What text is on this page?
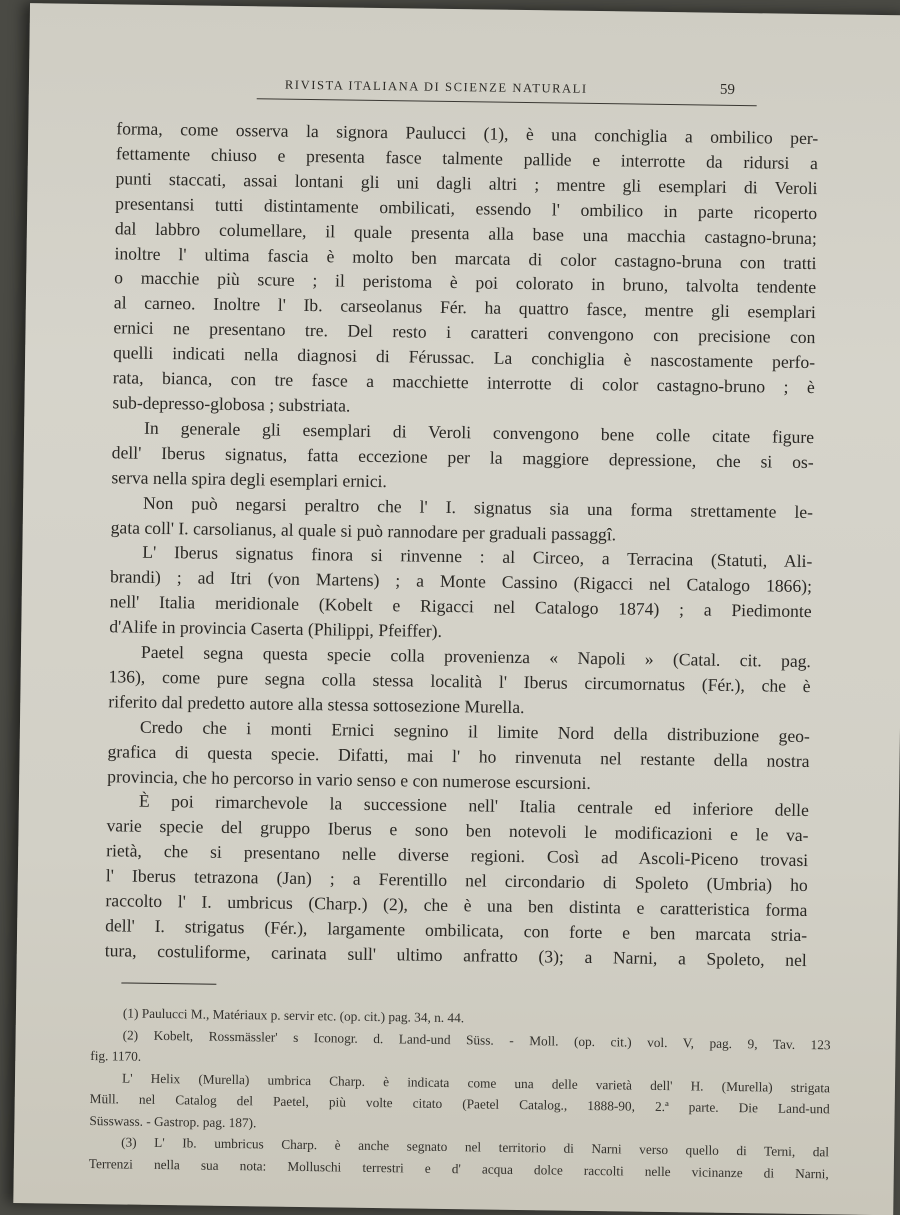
RIVISTA ITALIANA DI SCIENZE NATURALI	59
forma, come osserva la signora Paulucci (1), è una conchiglia a ombilico per-
fettamente chiuso e presenta fasce talmente pallide e interrotte da ridursi a
punti staccati, assai lontani gli uni dagli altri ; mentre gli esemplari di Veroli
presentansi tutti distintamente ombilicati, essendo l' ombilico in parte ricoperto
dal labbro columellare, il quale presenta alla base una macchia castagno-bruna;
inoltre l' ultima fascia è molto ben marcata di color castagno-bruna con tratti
o macchie più scure ; il peristoma è poi colorato in bruno, talvolta tendente
al carneo. Inoltre l' Ib. carseolanus Fér. ha quattro fasce, mentre gli esemplari
ernici ne presentano tre. Del resto i caratteri convengono con precisione con
quelli indicati nella diagnosi di Férussac. La conchiglia è nascostamente perfo-
rata, bianca, con tre fasce a macchiette interrotte di color castagno-bruno ; è
sub-depresso-globosa ; substriata.
In generale gli esemplari di Veroli convengono bene colle citate figure
dell' Iberus signatus, fatta eccezione per la maggiore depressione, che si os-
serva nella spira degli esemplari ernici.
Non può negarsi peraltro che l' I. signatus sia una forma strettamente le-
gata coll' I. carsolianus, al quale si può rannodare per graduali passaggî.
L' Iberus signatus finora si rinvenne : al Circeo, a Terracina (Statuti, Ali-
brandi) ; ad Itri (von Martens) ; a Monte Cassino (Rigacci nel Catalogo 1866);
nell' Italia meridionale (Kobelt e Rigacci nel Catalogo 1874) ; a Piedimonte
d'Alife in provincia Caserta (Philippi, Pfeiffer).
Paetel segna questa specie colla provenienza « Napoli » (Catal. cit. pag.
136), come pure segna colla stessa località l' Iberus circumornatus (Fér.), che è
riferito dal predetto autore alla stessa sottosezione Murella.
Credo che i monti Ernici segnino il limite Nord della distribuzione geo-
grafica di questa specie. Difatti, mai l' ho rinvenuta nel restante della nostra
provincia, che ho percorso in vario senso e con numerose escursioni.
È poi rimarchevole la successione nell' Italia centrale ed inferiore delle
varie specie del gruppo Iberus e sono ben notevoli le modificazioni e le va-
rietà, che si presentano nelle diverse regioni. Così ad Ascoli-Piceno trovasi
l' Iberus tetrazona (Jan) ; a Ferentillo nel circondario di Spoleto (Umbria) ho
raccolto l' I. umbricus (Charp.) (2), che è una ben distinta e caratteristica forma
dell' I. strigatus (Fér.), largamente ombilicata, con forte e ben marcata stria-
tura, costuliforme, carinata sull' ultimo anfratto (3); a Narni, a Spoleto, nel
(1) Paulucci M., Matériaux p. servir etc. (op. cit.) pag. 34, n. 44.
(2) Kobelt, Rossmässler' s Iconogr. d. Land-und Süss. - Moll. (op. cit.) vol. V, pag. 9, Tav. 123
fig. 1170.
L' Helix (Murella) umbrica Charp. è indicata come una delle varietà dell' H. (Murella) strigata
Müll. nel Catalog del Paetel, più volte citato (Paetel Catalog., 1888-90, 2.ª parte. Die Land-und
Süsswass. - Gastrop. pag. 187).
(3) L' Ib. umbricus Charp. è anche segnato nel territorio di Narni verso quello di Terni, dal
Terrenzi nella sua nota: Molluschi terrestri e d' acqua dolce raccolti nelle vicinanze di Narni,
